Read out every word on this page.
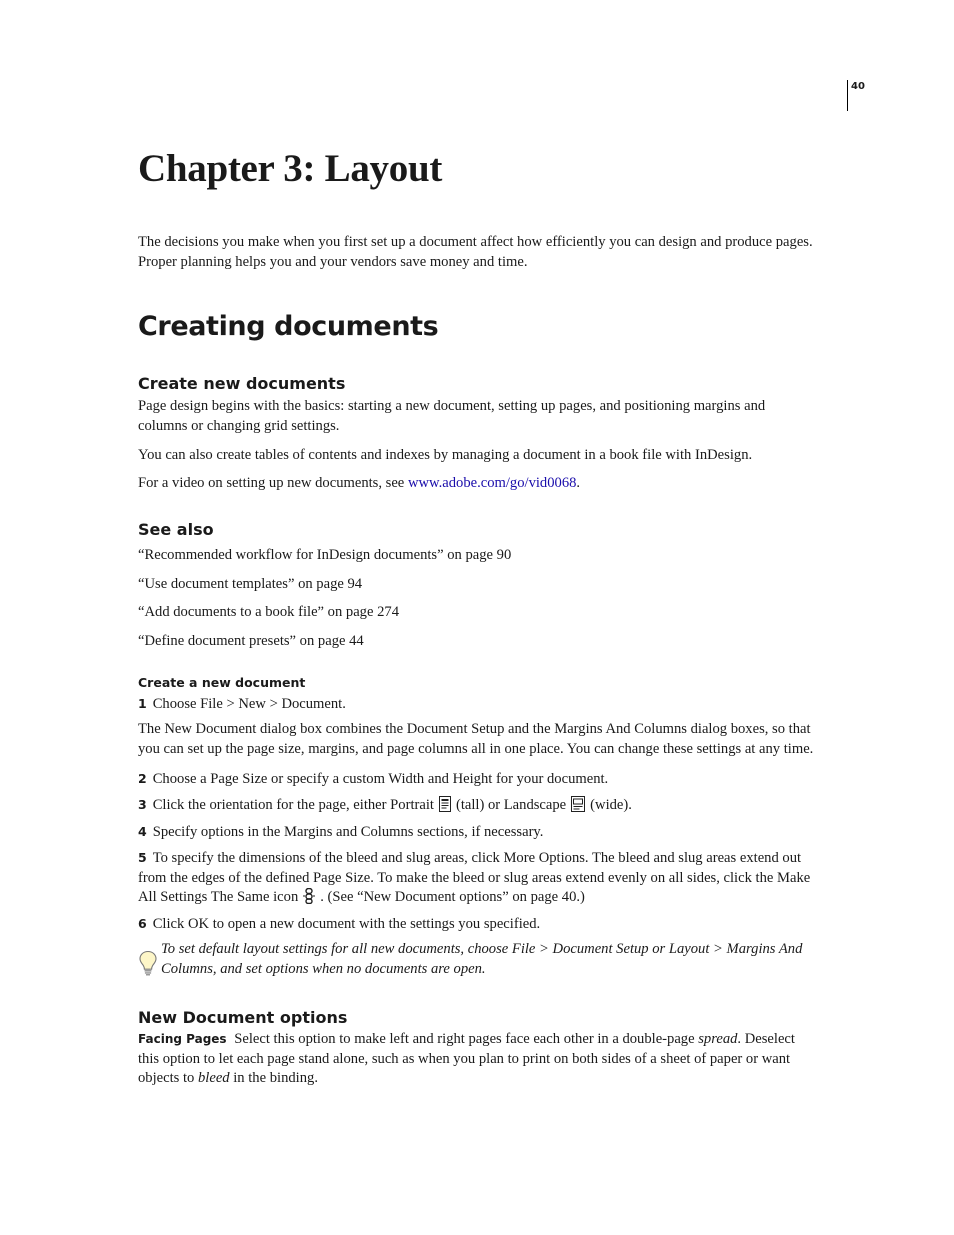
40
Chapter 3: Layout

The decisions you make when you first set up a document affect how efficiently you can design and produce pages. Proper planning helps you and your vendors save money and time.

Creating documents
Create new documents

Page design begins with the basics: starting a new document, setting up pages, and positioning margins and columns or changing grid settings.

You can also create tables of contents and indexes by managing a document in a book file with InDesign.

For a video on setting up new documents, see www.adobe.com/go/vid0068.

See also

“Recommended workflow for InDesign documents” on page 90

“Use document templates” on page 94

“Add documents to a book file” on page 274

“Define document presets” on page 44

Create a new document

1 Choose File > New > Document.

The New Document dialog box combines the Document Setup and the Margins And Columns dialog boxes, so that you can set up the page size, margins, and page columns all in one place. You can change these settings at any time.

2 Choose a Page Size or specify a custom Width and Height for your document.

3 Click the orientation for the page, either Portrait (tall) or Landscape (wide).

4 Specify options in the Margins and Columns sections, if necessary.

5 To specify the dimensions of the bleed and slug areas, click More Options. The bleed and slug areas extend out from the edges of the defined Page Size. To make the bleed or slug areas extend evenly on all sides, click the Make All Settings The Same icon . (See “New Document options” on page 40.)

6 Click OK to open a new document with the settings you specified.

To set default layout settings for all new documents, choose File > Document Setup or Layout > Margins And Columns, and set options when no documents are open.

New Document options

Facing Pages Select this option to make left and right pages face each other in a double-page spread. Deselect this option to let each page stand alone, such as when you plan to print on both sides of a sheet of paper or want objects to bleed in the binding.
